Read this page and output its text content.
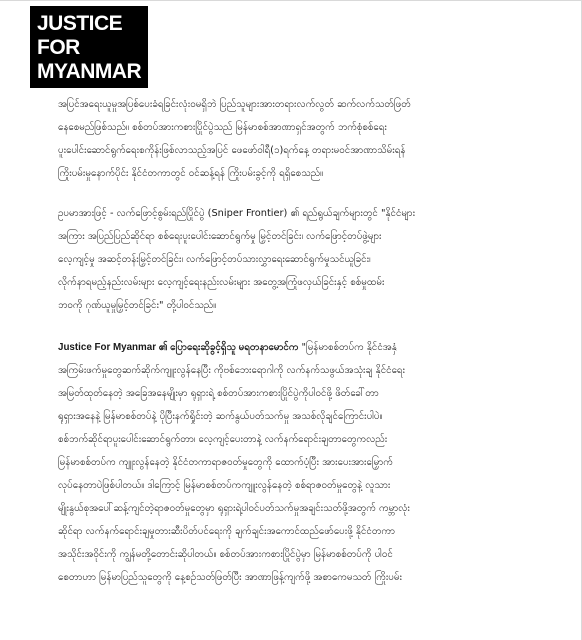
JUSTICE
FOR
MYANMAR

အပြင်အရေးယူမှုအပြစ်ပေးခံရခြင်းလုံးဝမရှိဘဲ ပြည်သူများအားတရားလက်လွတ် ဆက်လက်သတ်ဖြတ်
နေစေမည်ဖြစ်သည်။ စစ်တပ်အားကစားပြိုင်ပွဲသည် မြန်မာစစ်အာဏာရှင်အတွက် ဘက်စုံစစ်ရေး
ပူးပေါင်းဆောင်ရွက်ရေးစကိုန်းဖြစ်လာသည့်အပြင် ဖေဖော်ဝါရီ(၁)ရက်နေ့ တရားမဝင်အာဏာသိမ်းရန်
ကြိုးပမ်းမှုနောက်ပိုင်း နိုင်ငံတကာတွင် ဝင်ဆန့်ရန် ကြိုးပမ်းခွင့်ကို ရရှိစေသည်။

ဥပမာအားဖြင့် - လက်ဖြောင့်စွမ်းရည်ပြိုင်ပွဲ (Sniper Frontier) ၏ ရည်ရွယ်ချက်များတွင် "နိုင်ငံများ
အကြား အပြည်ပြည်ဆိုင်ရာ စစ်ရေးပူးပေါင်းဆောင်ရွက်မှု မြှင့်တင်ခြင်း၊ လက်ဖြောင့်တပ်ဖွဲ့များ
လေ့ကျင့်မှု အဆင့်တန်းမြှင့်တင်ခြင်း၊ လက်ဖြောင့်တပ်သားလွှာရေးဆောင်ရွက်မှုသင်ယူခြင်း၊
လိုက်နာရမည့်နည်းလမ်းများ လေ့ကျင့်ရေးနည်းလမ်းများ အတွေ့အကြုံဖလှယ်ခြင်းနှင့် စစ်မှုထမ်း
ဘဝကို ဂုဏ်ယူမှုမြှင့်တင်ခြင်း" တို့ပါဝင်သည်။

Justice For Myanmar ၏ ပြောရေးဆိုခွင့်ရှိသူ မရတနာမောင်က "မြန်မာစစ်တပ်က နိုင်ငံအနှံ
အကြမ်းဖက်မှုတွေဆက်ဆိုက်ကျူးလွန်နေပြီး ကိုဗစ်ဘေးရောဂါကို လက်နက်သဖွယ်အသုံးချ နိုင်ငံရေး
အမြတ်ထုတ်နေတဲ့ အခြေအနေမျိုးမှာ ရုရှားရဲ့ စစ်တပ်အားကစားပြိုင်ပွဲကိုပါဝင်ဖို့ ဖိတ်ခေါ်တာ
ရုရှားအနေနဲ့ မြန်မာစစ်တပ်နဲ့ ပိုပြီးနက်ရှိုင်းတဲ့ ဆက်နွယ်ပတ်သက်မှု အသစ်လိုချင်ကြောင်းပါပဲ။
စစ်ဘက်ဆိုင်ရာပူးပေါင်းဆောင်ရွက်တာ၊ လေ့ကျင့်ပေးတာနဲ့ လက်နက်ရောင်းချတာတွေကလည်း
မြန်မာစစ်တပ်က ကျူးလွန်နေတဲ့ နိုင်ငံတကာရာဇဝတ်မှုတွေကို ထောက်ပံ့ပြီး အားပေးအားမြှောက်
လုပ်နေတာပဲဖြစ်ပါတယ်။ ဒါကြောင့် မြန်မာစစ်တပ်ကကျူးလွန်နေတဲ့ စစ်ရာဇဝတ်မှုတွေနဲ့ လူသား
မျိုးနွယ်စုအပေါ်ဆန့်ကျင်တဲ့ရာဇဝတ်မှုတွေမှာ ရုရှားရဲ့ပါဝင်ပတ်သက်မှုအချင်းသတ်ဖို့အတွက် ကမ္ဘာလုံး
ဆိုင်ရာ လက်နက်ရောင်းချမှုတားဆီးပိတ်ပင်ရေးကို ချက်ချင်းအကောင်ထည်ဖော်ပေးဖို့ နိုင်ငံတကာ
အသိုင်းအဝိုင်းကို ကျွန်မတို့တောင်းဆိုပါတယ်။ စစ်တပ်အားကစားပြိုင်ပွဲမှာ မြန်မာစစ်တပ်ကို ပါဝင်
စေတာဟာ မြန်မာပြည်သူတွေကို နေ့စဉ်သတ်ဖြတ်ပြီး အာဏာဖြန့်ကျက်ဖို့ အစာကေမသတ် ကြိုးပမ်း
